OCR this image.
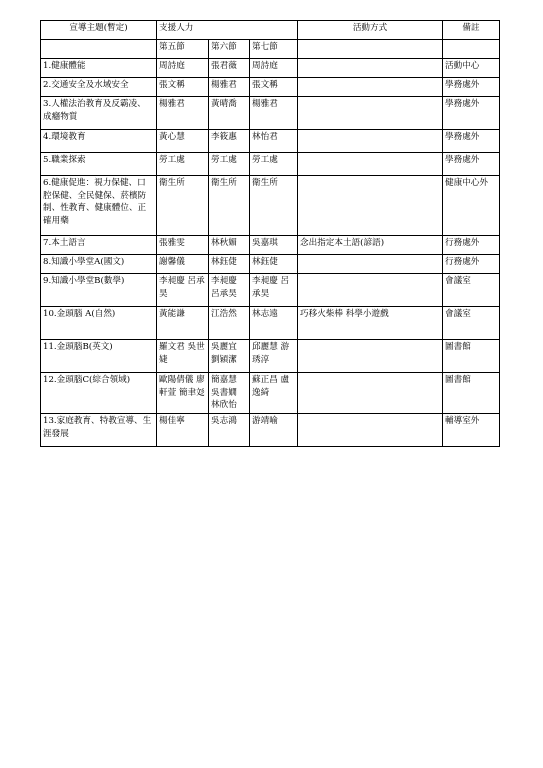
宣導主題(暫定)	支援人力			活動方式	備註
	第五節	第六節	第七節		
1.健康體能	周詩庭	張君薇	周詩庭		活動中心
2.交通安全及水域安全	張文稱	楊雅君	張文稱		學務處外
3.人權法治教育及反霸凌、成癮物質	楊雅君	黃晴喬	楊雅君		學務處外
4.環境教育	黃心慧	李筱惠	林怡君		學務處外
5.職業探索	勞工處	勞工處	勞工處		學務處外
6.健康促進：視力保健、口腔保健、全民健保、菸檳防制、性教育、健康體位、正確用藥	衛生所	衛生所	衛生所		健康中心外
7.本土語言	張雅雯	林秋媚	吳嘉琪	念出指定本土語(諺語)	行務處外
8.知識小學堂A(國文)	謝馨儀	林鈺倢	林鈺倢		行務處外
9.知識小學堂B(數學)	李昶慶 呂承昊	李昶慶 呂承昊	李昶慶 呂承昊		會議室
10.金頭腦 A(自然)	黃能謙	江浩然	林志遠	巧移火柴棒 科學小遊戲	會議室
11.金頭腦B(英文)	羅文君 吳世婕	吳麗宜 劉穎潔	邱麗慧 游琇淳		圖書館
12.金頭腦C(綜合領域)	歐陽倩儀 廖軒萱 簡聿彣	簡嘉慧 吳書嫺 林欣怡	蘇正昌 盧逸綺		圖書館
13.家庭教育、特教宣導、生涯發展	楊佳寧	吳志鴻	游靖喻		輔導室外
